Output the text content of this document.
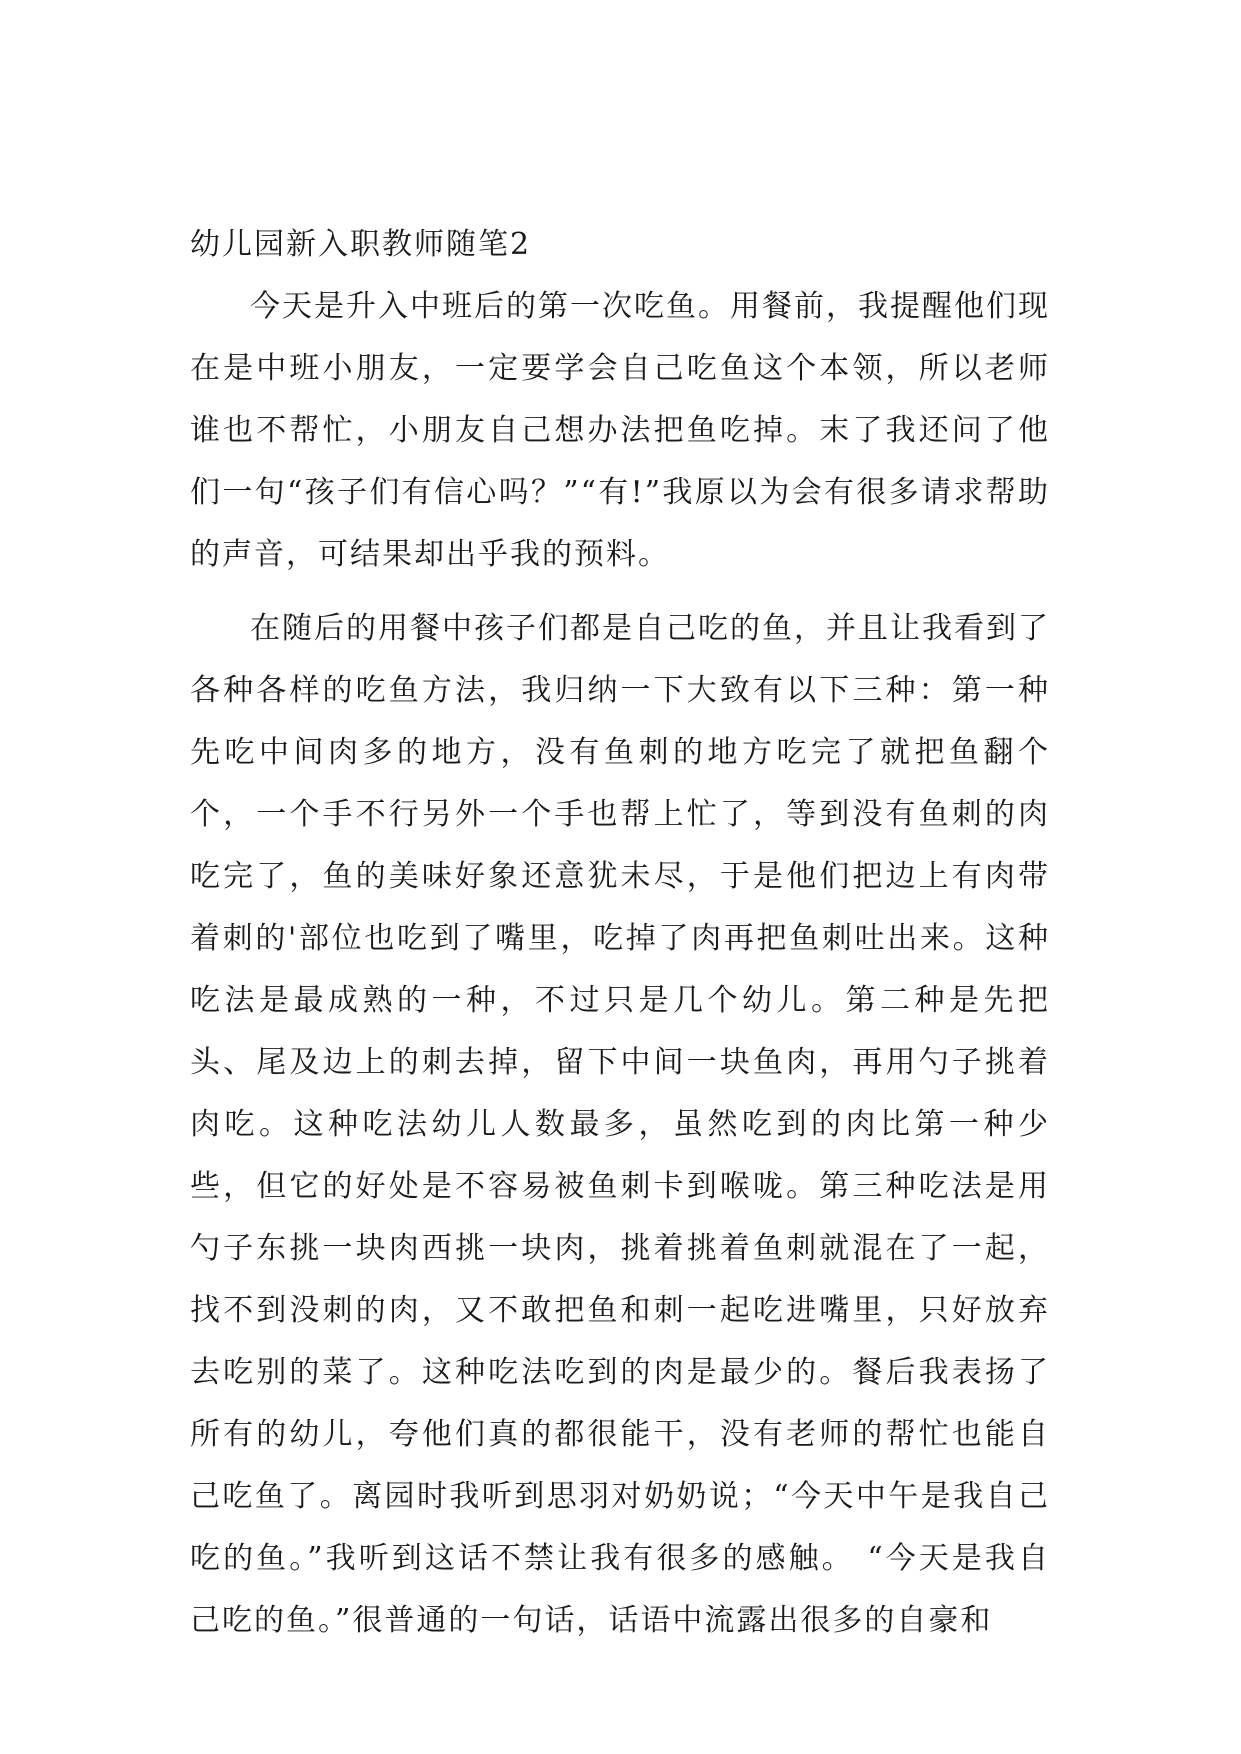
幼儿园新入职教师随笔2

今天是升入中班后的第一次吃鱼。用餐前，我提醒他们现在是中班小朋友，一定要学会自己吃鱼这个本领，所以老师谁也不帮忙，小朋友自己想办法把鱼吃掉。末了我还问了他们一句“孩子们有信心吗？”“有!”我原以为会有很多请求帮助的声音，可结果却出乎我的预料。

在随后的用餐中孩子们都是自己吃的鱼，并且让我看到了各种各样的吃鱼方法，我归纳一下大致有以下三种：第一种先吃中间肉多的地方，没有鱼刺的地方吃完了就把鱼翻个个，一个手不行另外一个手也帮上忙了，等到没有鱼刺的肉吃完了，鱼的美味好象还意犹未尽，于是他们把边上有肉带着刺的'部位也吃到了嘴里，吃掉了肉再把鱼刺吐出来。这种吃法是最成熟的一种，不过只是几个幼儿。第二种是先把头、尾及边上的刺去掉，留下中间一块鱼肉，再用勺子挑着肉吃。这种吃法幼儿人数最多，虽然吃到的肉比第一种少些，但它的好处是不容易被鱼刺卡到喉咙。第三种吃法是用勺子东挑一块肉西挑一块肉，挑着挑着鱼刺就混在了一起，找不到没刺的肉，又不敢把鱼和刺一起吃进嘴里，只好放弃去吃别的菜了。这种吃法吃到的肉是最少的。餐后我表扬了所有的幼儿，夸他们真的都很能干，没有老师的帮忙也能自己吃鱼了。离园时我听到思羽对奶奶说；“今天中午是我自己吃的鱼。”我听到这话不禁让我有很多的感触。 “今天是我自己吃的鱼。”很普通的一句话，话语中流露出很多的自豪和
